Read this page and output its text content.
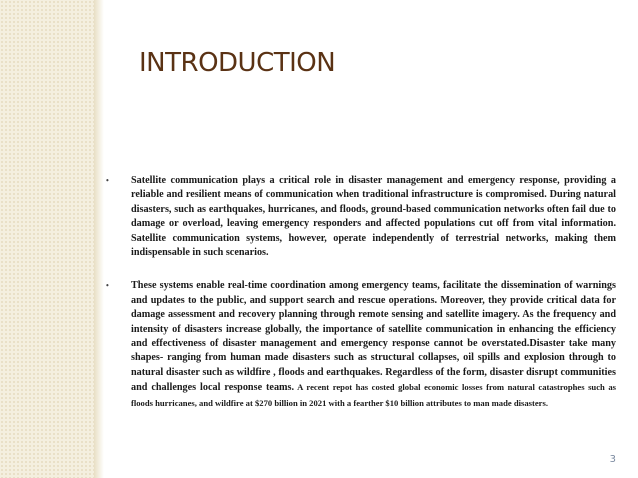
INTRODUCTION
• Satellite communication plays a critical role in disaster management and emergency response, providing a reliable and resilient means of communication when traditional infrastructure is compromised. During natural disasters, such as earthquakes, hurricanes, and floods, ground-based communication networks often fail due to damage or overload, leaving emergency responders and affected populations cut off from vital information. Satellite communication systems, however, operate independently of terrestrial networks, making them indispensable in such scenarios.
• These systems enable real-time coordination among emergency teams, facilitate the dissemination of warnings and updates to the public, and support search and rescue operations. Moreover, they provide critical data for damage assessment and recovery planning through remote sensing and satellite imagery. As the frequency and intensity of disasters increase globally, the importance of satellite communication in enhancing the efficiency and effectiveness of disaster management and emergency response cannot be overstated.Disaster take many shapes- ranging from human made disasters such as structural collapses, oil spills and explosion through to natural disaster such as wildfire , floods and earthquakes. Regardless of the form, disaster disrupt communities and challenges local response teams. A recent repot has costed global economic losses from natural catastrophes such as floods hurricanes, and wildfire at $270 billion in 2021 with a fearther $10 billion attributes to man made disasters.
3
